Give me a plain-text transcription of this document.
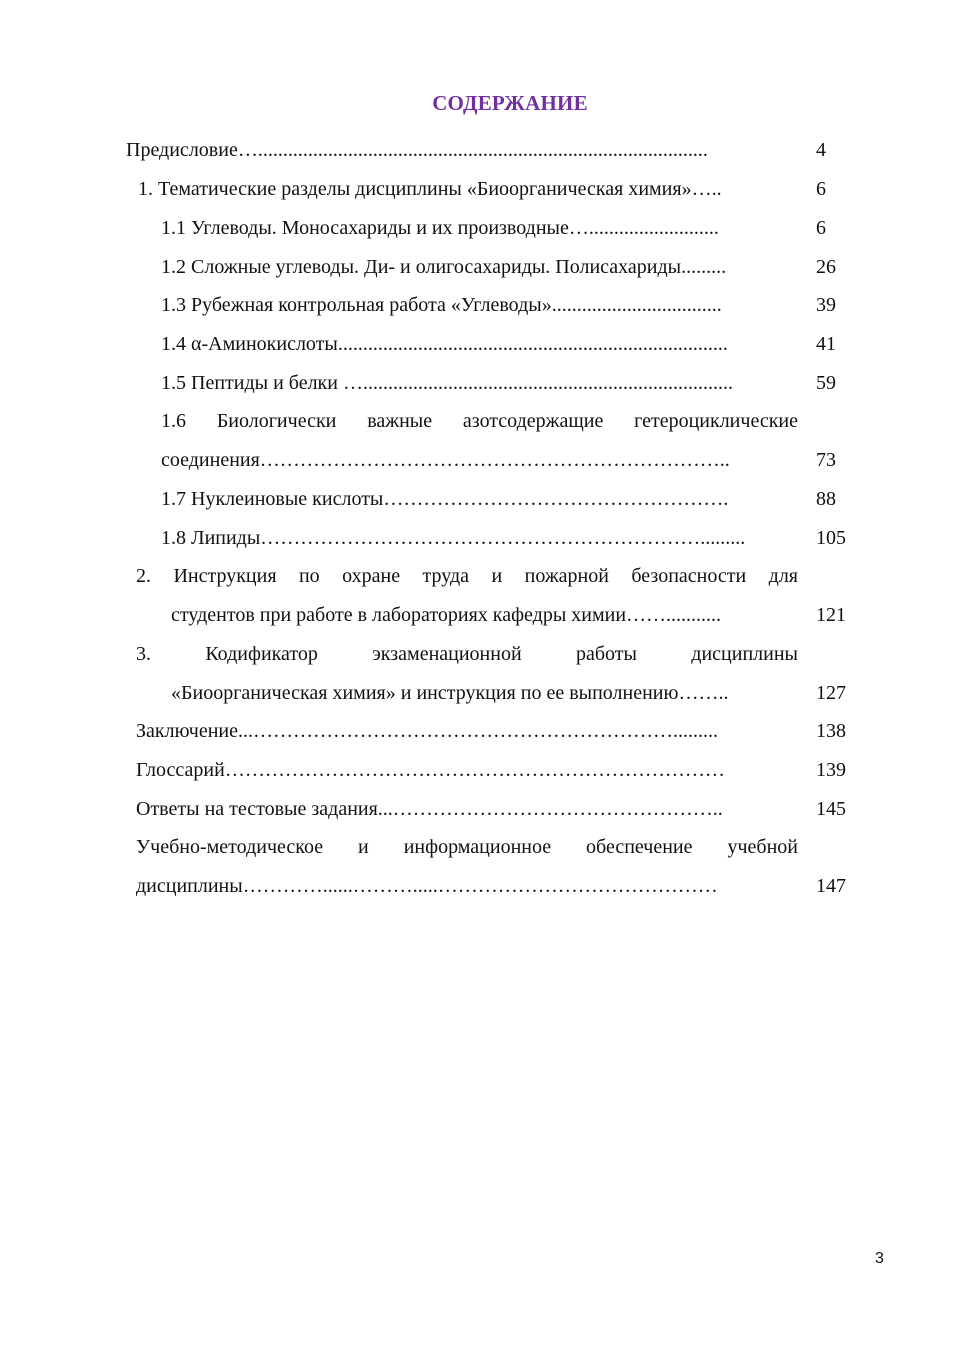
СОДЕРЖАНИЕ
Предисловие…..........................................................................................	4
1. Тематические разделы дисциплины «Биоорганическая химия»…..	6
1.1 Углеводы. Моносахариды и их производные…..........................	6
1.2 Сложные углеводы. Ди- и олигосахариды. Полисахариды.........	26
1.3 Рубежная контрольная работа «Углеводы»..................................	39
1.4 α-Аминокислоты..............................................................................	41
1.5 Пептиды и белки …..........................................................................	59
1.6 Биологически важные азотсодержащие гетероциклические
соединения……………………………………………………………..	73
1.7 Нуклеиновые кислоты…………………………………………….	88
1.8 Липиды………………………………………………………….........	105
2. Инструкция по охране труда и пожарной безопасности для
студентов при работе в лабораториях кафедры химии……...........	121
3. Кодификатор экзаменационной работы дисциплины
«Биоорганическая химия» и инструкция по ее выполнению……..	127
Заключение...……………………………………………………….........	138
Глоссарий…………………………………………………………………	139
Ответы на тестовые задания...…………………………………………..	145
Учебно-методическое и информационное обеспечение учебной
дисциплины…………......……….....……………………………………	147
3
